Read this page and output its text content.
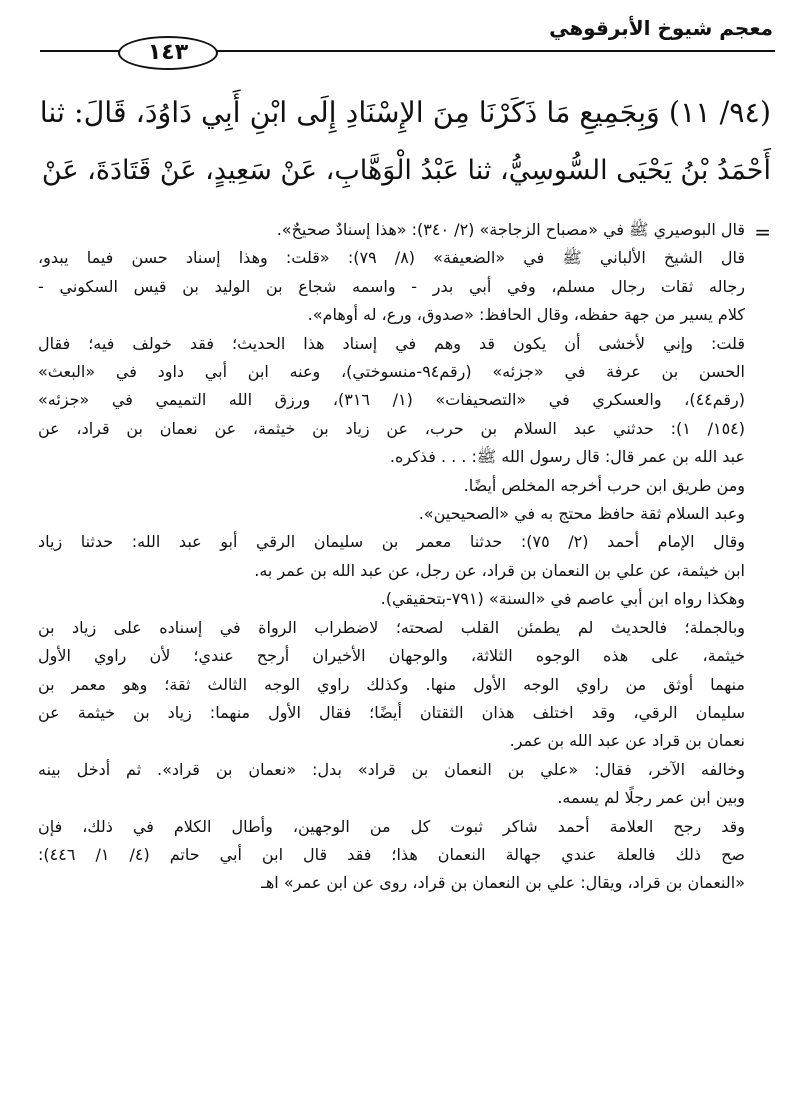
معجم شيوخ الأبرقوهي
١٤٣
(٩٤/ ١١) وَبِجَمِيعِ مَا ذَكَرْنَا مِنَ الإِسْنَادِ إِلَى ابْنِ أَبِي دَاوُدَ، قَالَ: ثنا
أَحْمَدُ بْنُ يَحْيَى السُّوسِيُّ، ثنا عَبْدُ الْوَهَّابِ، عَنْ سَعِيدٍ، عَنْ قَتَادَةَ، عَنْ
=
قال البوصيري ﷺ في «مصباح الزجاجة» (٢/ ٣٤٠): «هذا إسنادٌ صحيحٌ».
قال الشيخ الألباني ﷺ في «الضعيفة» (٨/ ٧٩): «قلت: وهذا إسناد حسن فيما يبدو،
رجاله ثقات رجال مسلم، وفي أبي بدر - واسمه شجاع بن الوليد بن قيس السكوني -
كلام يسير من جهة حفظه، وقال الحافظ: «صدوق، ورع، له أوهام».
قلت: وإني لأخشى أن يكون قد وهم في إسناد هذا الحديث؛ فقد خولف فيه؛ فقال
الحسن بن عرفة في «جزئه» (رقم٩٤-منسوختي)، وعنه ابن أبي داود في «البعث»
(رقم٤٤)، والعسكري في «التصحيفات» (١/ ٣١٦)، ورزق الله التميمي في «جزئه»
(١٥٤/ ١): حدثني عبد السلام بن حرب، عن زياد بن خيثمة، عن نعمان بن قراد، عن
عبد الله بن عمر قال: قال رسول الله ﷺ: . . . فذكره.
ومن طريق ابن حرب أخرجه المخلص أيضًا.
وعبد السلام ثقة حافظ محتج به في «الصحيحين».
وقال الإمام أحمد (٢/ ٧٥): حدثنا معمر بن سليمان الرقي أبو عبد الله: حدثنا زياد
ابن خيثمة، عن علي بن النعمان بن قراد، عن رجل، عن عبد الله بن عمر به.
وهكذا رواه ابن أبي عاصم في «السنة» (٧٩١-بتحقيقي).
وبالجملة؛ فالحديث لم يطمئن القلب لصحته؛ لاضطراب الرواة في إسناده على زياد بن
خيثمة، على هذه الوجوه الثلاثة، والوجهان الأخيران أرجح عندي؛ لأن راوي الأول
منهما أوثق من راوي الوجه الأول منها. وكذلك راوي الوجه الثالث ثقة؛ وهو معمر بن
سليمان الرقي، وقد اختلف هذان الثقتان أيضًا؛ فقال الأول منهما: زياد بن خيثمة عن
نعمان بن قراد عن عبد الله بن عمر.
وخالفه الآخر، فقال: «علي بن النعمان بن قراد» بدل: «نعمان بن قراد». ثم أدخل بينه
وبين ابن عمر رجلًا لم يسمه.
وقد رجح العلامة أحمد شاكر ثبوت كل من الوجهين، وأطال الكلام في ذلك، فإن
صح ذلك فالعلة عندي جهالة النعمان هذا؛ فقد قال ابن أبي حاتم (٤/ ١/ ٤٤٦):
«النعمان بن قراد، ويقال: علي بن النعمان بن قراد، روى عن ابن عمر» اهـ
